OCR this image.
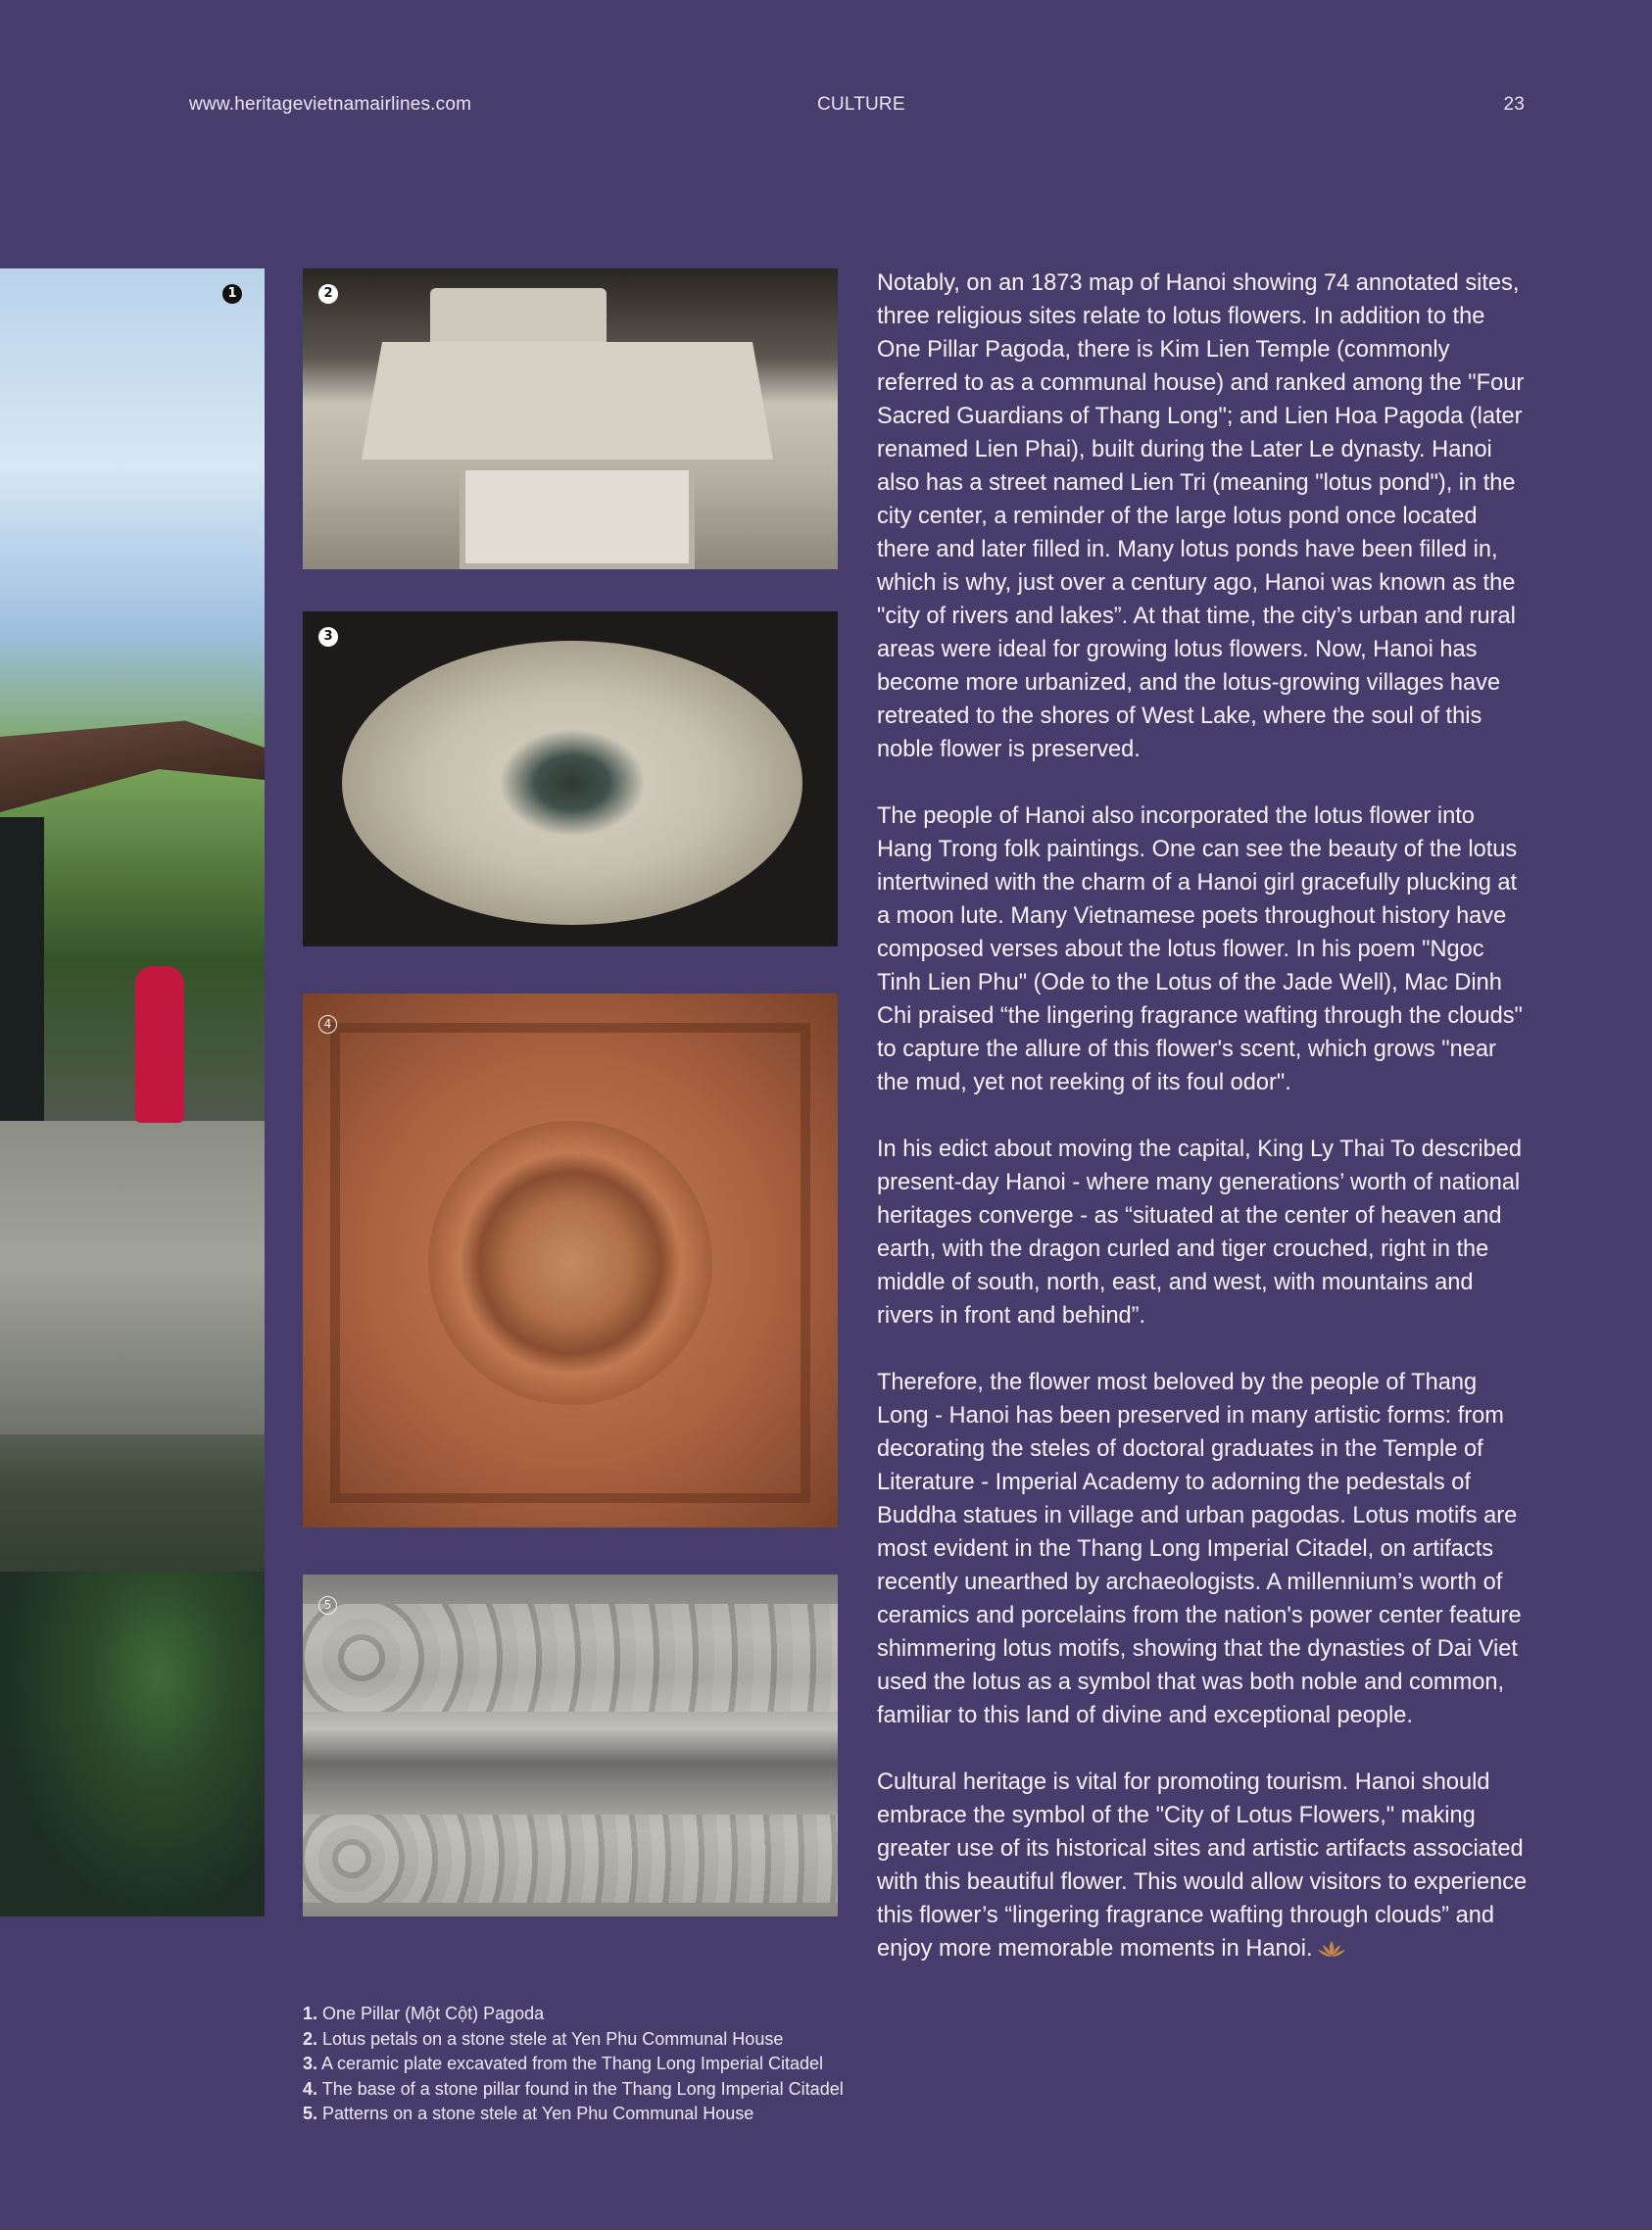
www.heritagevietnamairlines.com	CULTURE	23
1	2
3
4
5
1. One Pillar (Một Cột) Pagoda
2. Lotus petals on a stone stele at Yen Phu Communal House
3. A ceramic plate excavated from the Thang Long Imperial Citadel
4. The base of a stone pillar found in the Thang Long Imperial Citadel
5. Patterns on a stone stele at Yen Phu Communal House

Notably, on an 1873 map of Hanoi showing 74 annotated sites, three religious sites relate to lotus flowers. In addition to the One Pillar Pagoda, there is Kim Lien Temple (commonly referred to as a communal house) and ranked among the "Four Sacred Guardians of Thang Long"; and Lien Hoa Pagoda (later renamed Lien Phai), built during the Later Le dynasty. Hanoi also has a street named Lien Tri (meaning "lotus pond"), in the city center, a reminder of the large lotus pond once located there and later filled in. Many lotus ponds have been filled in, which is why, just over a century ago, Hanoi was known as the "city of rivers and lakes”. At that time, the city’s urban and rural areas were ideal for growing lotus flowers. Now, Hanoi has become more urbanized, and the lotus-growing villages have retreated to the shores of West Lake, where the soul of this noble flower is preserved.

The people of Hanoi also incorporated the lotus flower into Hang Trong folk paintings. One can see the beauty of the lotus intertwined with the charm of a Hanoi girl gracefully plucking at a moon lute. Many Vietnamese poets throughout history have composed verses about the lotus flower. In his poem "Ngoc Tinh Lien Phu" (Ode to the Lotus of the Jade Well), Mac Dinh Chi praised “the lingering fragrance wafting through the clouds" to capture the allure of this flower's scent, which grows "near the mud, yet not reeking of its foul odor".

In his edict about moving the capital, King Ly Thai To described present-day Hanoi - where many generations’ worth of national heritages converge - as “situated at the center of heaven and earth, with the dragon curled and tiger crouched, right in the middle of south, north, east, and west, with mountains and rivers in front and behind”.

Therefore, the flower most beloved by the people of Thang Long - Hanoi has been preserved in many artistic forms: from decorating the steles of doctoral graduates in the Temple of Literature - Imperial Academy to adorning the pedestals of Buddha statues in village and urban pagodas. Lotus motifs are most evident in the Thang Long Imperial Citadel, on artifacts recently unearthed by archaeologists. A millennium’s worth of ceramics and porcelains from the nation's power center feature shimmering lotus motifs, showing that the dynasties of Dai Viet used the lotus as a symbol that was both noble and common, familiar to this land of divine and exceptional people.

Cultural heritage is vital for promoting tourism. Hanoi should embrace the symbol of the "City of Lotus Flowers," making greater use of its historical sites and artistic artifacts associated with this beautiful flower. This would allow visitors to experience this flower’s “lingering fragrance wafting through clouds” and enjoy more memorable moments in Hanoi.
